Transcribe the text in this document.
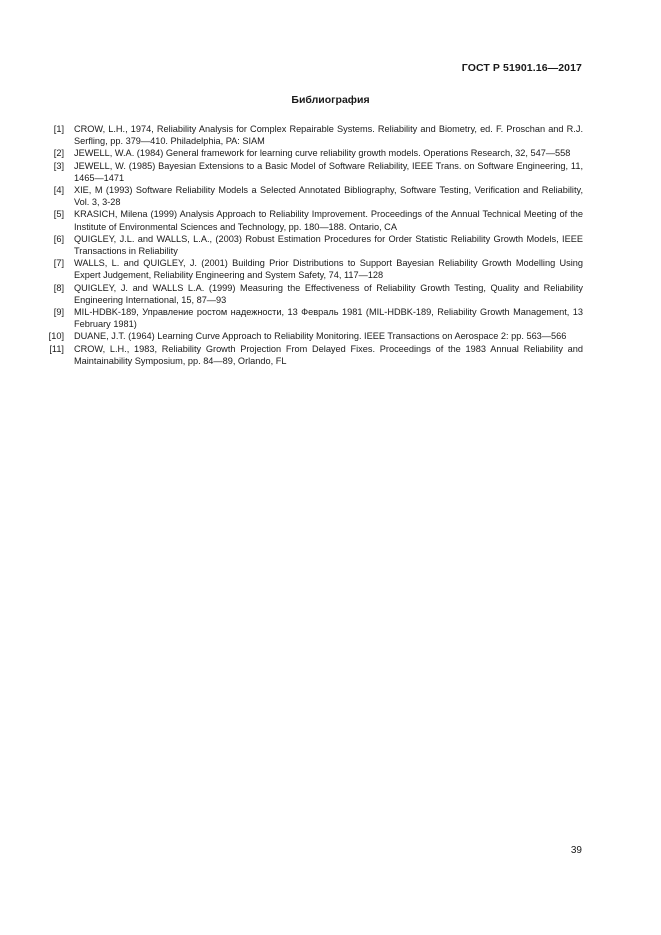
ГОСТ Р 51901.16—2017
Библиография
[1]	CROW, L.H., 1974, Reliability Analysis for Complex Repairable Systems. Reliability and Biometry, ed. F. Proschan and R.J. Serfling, pp. 379—410. Philadelphia, PA: SIAM
[2]	JEWELL, W.A. (1984) General framework for learning curve reliability growth models. Operations Research, 32, 547—558
[3]	JEWELL, W. (1985) Bayesian Extensions to a Basic Model of Software Reliability, IEEE Trans. on Software Engineering, 11, 1465—1471
[4]	XIE, M (1993) Software Reliability Models a Selected Annotated Bibliography, Software Testing, Verification and Reliability, Vol. 3, 3-28
[5]	KRASICH, Milena (1999) Analysis Approach to Reliability Improvement. Proceedings of the Annual Technical Meeting of the Institute of Environmental Sciences and Technology, pp. 180—188. Ontario, CA
[6]	QUIGLEY, J.L. and WALLS, L.A., (2003) Robust Estimation Procedures for Order Statistic Reliability Growth Models, IEEE Transactions in Reliability
[7]	WALLS, L. and QUIGLEY, J. (2001) Building Prior Distributions to Support Bayesian Reliability Growth Modelling Using Expert Judgement, Reliability Engineering and System Safety, 74, 117—128
[8]	QUIGLEY, J. and WALLS L.A. (1999) Measuring the Effectiveness of Reliability Growth Testing, Quality and Reliability Engineering International, 15, 87—93
[9]	MIL-HDBK-189, Управление ростом надежности, 13 Февраль 1981 (MIL-HDBK-189, Reliability Growth Management, 13 February 1981)
[10]	DUANE, J.T. (1964) Learning Curve Approach to Reliability Monitoring. IEEE Transactions on Aerospace 2: pp. 563—566
[11]	CROW, L.H., 1983, Reliability Growth Projection From Delayed Fixes. Proceedings of the 1983 Annual Reliability and Maintainability Symposium, pp. 84—89, Orlando, FL
39
